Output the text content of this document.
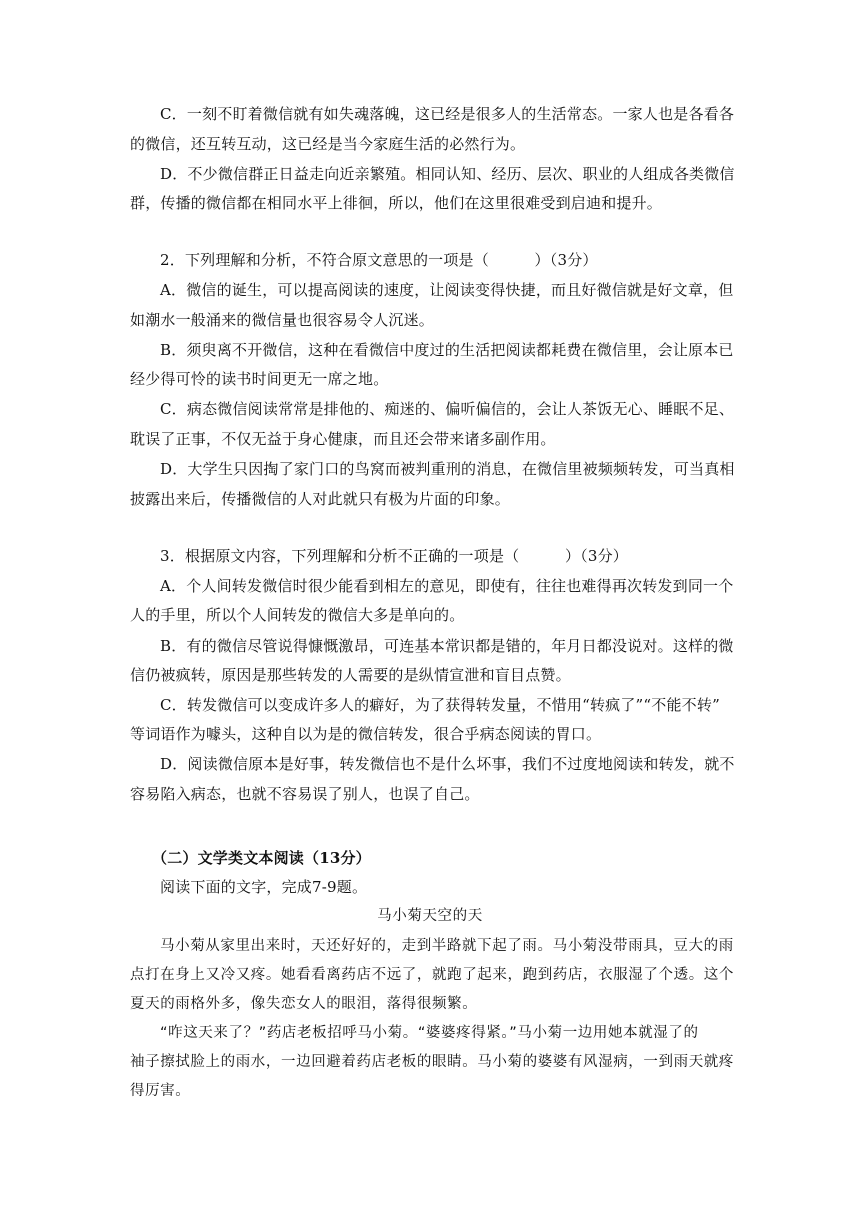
C．一刻不盯着微信就有如失魂落魄，这已经是很多人的生活常态。一家人也是各看各
的微信，还互转互动，这已经是当今家庭生活的必然行为。
D．不少微信群正日益走向近亲繁殖。相同认知、经历、层次、职业的人组成各类微信
群，传播的微信都在相同水平上徘徊，所以，他们在这里很难受到启迪和提升。
2．下列理解和分析，不符合原文意思的一项是（　　　）（3分）
A．微信的诞生，可以提高阅读的速度，让阅读变得快捷，而且好微信就是好文章，但
如潮水一般涌来的微信量也很容易令人沉迷。
B．须臾离不开微信，这种在看微信中度过的生活把阅读都耗费在微信里，会让原本已
经少得可怜的读书时间更无一席之地。
C．病态微信阅读常常是排他的、痴迷的、偏听偏信的，会让人茶饭无心、睡眠不足、
耽误了正事，不仅无益于身心健康，而且还会带来诸多副作用。
D．大学生只因掏了家门口的鸟窝而被判重刑的消息，在微信里被频频转发，可当真相
披露出来后，传播微信的人对此就只有极为片面的印象。
3．根据原文内容，下列理解和分析不正确的一项是（　　　）（3分）
A．个人间转发微信时很少能看到相左的意见，即使有，往往也难得再次转发到同一个
人的手里，所以个人间转发的微信大多是单向的。
B．有的微信尽管说得慷慨激昂，可连基本常识都是错的，年月日都没说对。这样的微
信仍被疯转，原因是那些转发的人需要的是纵情宣泄和盲目点赞。
C．转发微信可以变成许多人的癖好，为了获得转发量，不惜用“转疯了”“不能不转”
等词语作为噱头，这种自以为是的微信转发，很合乎病态阅读的胃口。
D．阅读微信原本是好事，转发微信也不是什么坏事，我们不过度地阅读和转发，就不
容易陷入病态，也就不容易误了别人，也误了自己。
（二）文学类文本阅读（13分）
阅读下面的文字，完成7-9题。
马小菊天空的天
马小菊从家里出来时，天还好好的，走到半路就下起了雨。马小菊没带雨具，豆大的雨
点打在身上又冷又疼。她看看离药店不远了，就跑了起来，跑到药店，衣服湿了个透。这个
夏天的雨格外多，像失恋女人的眼泪，落得很频繁。
“咋这天来了？”药店老板招呼马小菊。“婆婆疼得紧。”马小菊一边用她本就湿了的
袖子擦拭脸上的雨水，一边回避着药店老板的眼睛。马小菊的婆婆有风湿病，一到雨天就疼
得厉害。
